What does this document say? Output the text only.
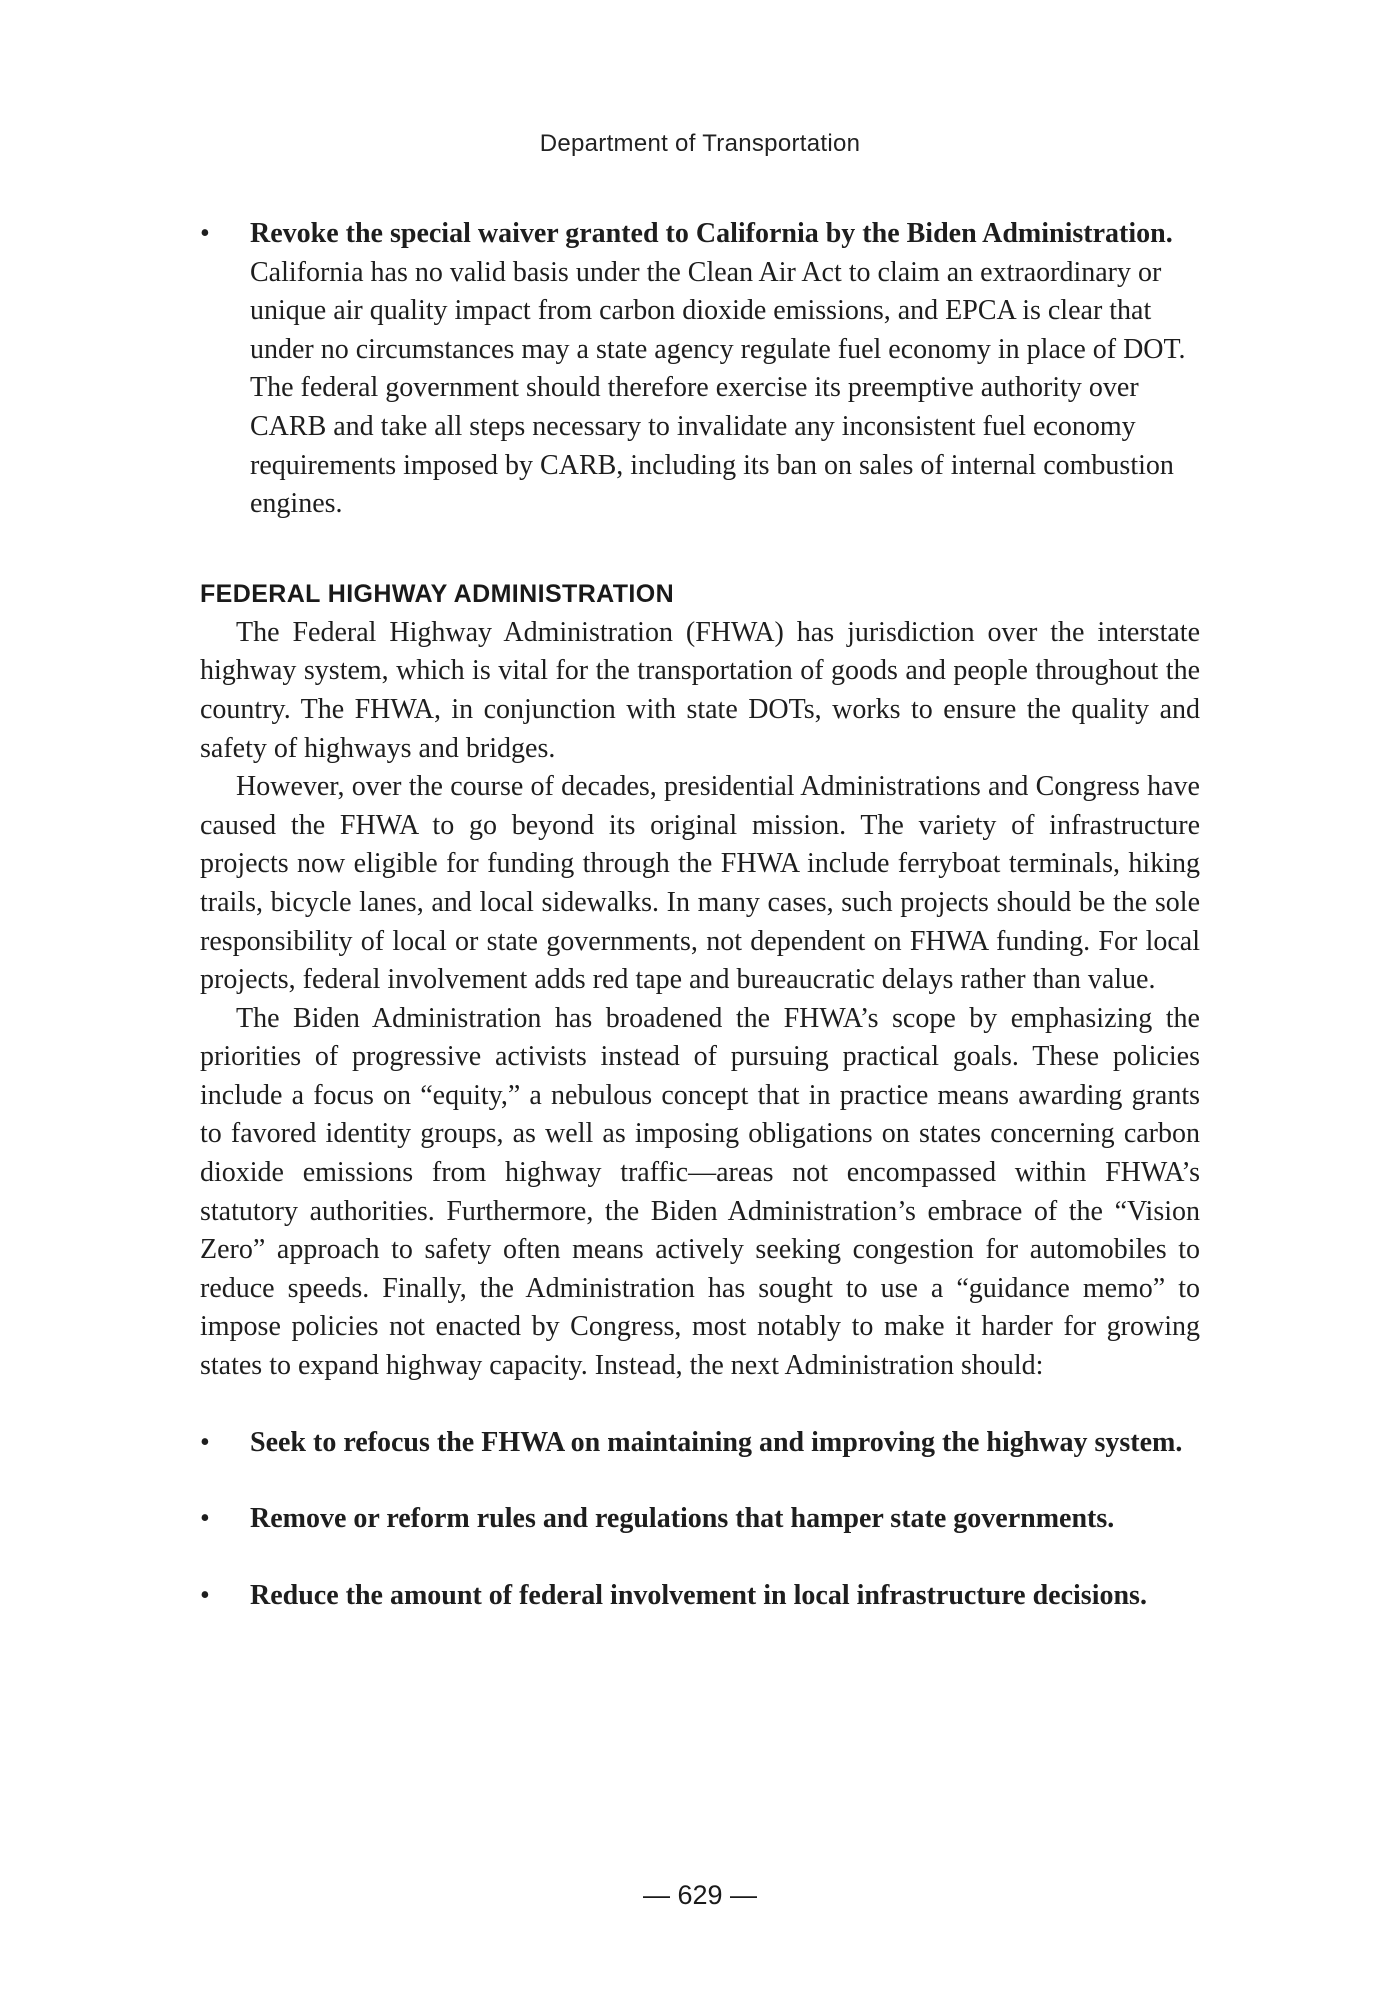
Department of Transportation
• Revoke the special waiver granted to California by the Biden Administration. California has no valid basis under the Clean Air Act to claim an extraordinary or unique air quality impact from carbon dioxide emissions, and EPCA is clear that under no circumstances may a state agency regulate fuel economy in place of DOT. The federal government should therefore exercise its preemptive authority over CARB and take all steps necessary to invalidate any inconsistent fuel economy requirements imposed by CARB, including its ban on sales of internal combustion engines.
FEDERAL HIGHWAY ADMINISTRATION

The Federal Highway Administration (FHWA) has jurisdiction over the interstate highway system, which is vital for the transportation of goods and people throughout the country. The FHWA, in conjunction with state DOTs, works to ensure the quality and safety of highways and bridges.

However, over the course of decades, presidential Administrations and Congress have caused the FHWA to go beyond its original mission. The variety of infrastructure projects now eligible for funding through the FHWA include ferryboat terminals, hiking trails, bicycle lanes, and local sidewalks. In many cases, such projects should be the sole responsibility of local or state governments, not dependent on FHWA funding. For local projects, federal involvement adds red tape and bureaucratic delays rather than value.

The Biden Administration has broadened the FHWA’s scope by emphasizing the priorities of progressive activists instead of pursuing practical goals. These policies include a focus on “equity,” a nebulous concept that in practice means awarding grants to favored identity groups, as well as imposing obligations on states concerning carbon dioxide emissions from highway traffic—areas not encompassed within FHWA’s statutory authorities. Furthermore, the Biden Administration’s embrace of the “Vision Zero” approach to safety often means actively seeking congestion for automobiles to reduce speeds. Finally, the Administration has sought to use a “guidance memo” to impose policies not enacted by Congress, most notably to make it harder for growing states to expand highway capacity. Instead, the next Administration should:

• Seek to refocus the FHWA on maintaining and improving the highway system.
• Remove or reform rules and regulations that hamper state governments.
• Reduce the amount of federal involvement in local infrastructure decisions.
— 629 —
